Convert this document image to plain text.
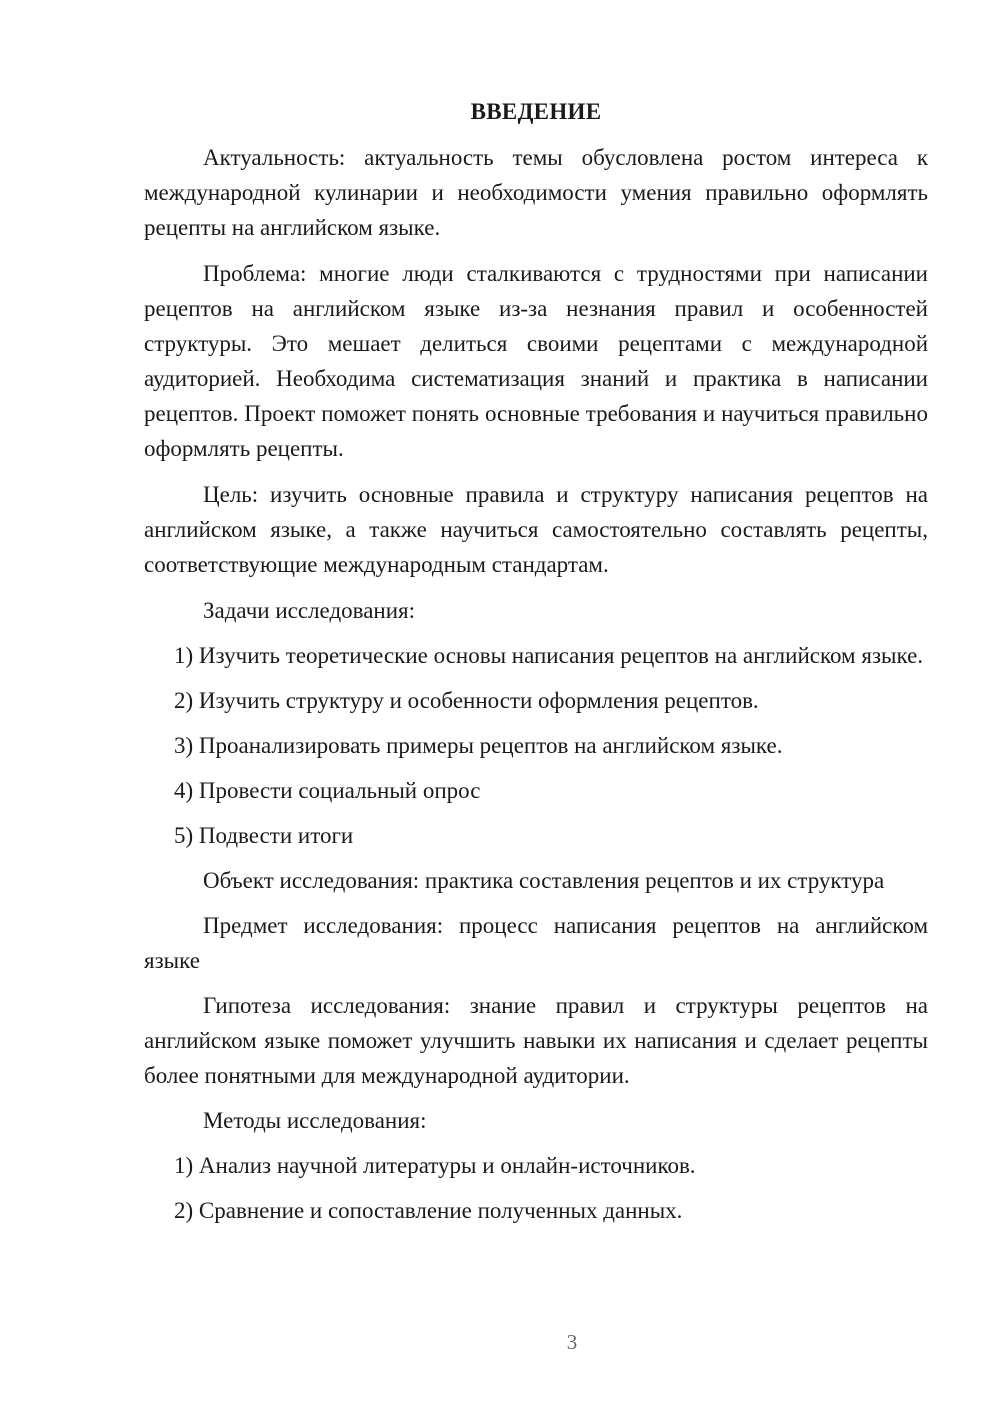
ВВЕДЕНИЕ

Актуальность: актуальность темы обусловлена ростом интереса к международной кулинарии и необходимости умения правильно оформлять рецепты на английском языке.

Проблема: многие люди сталкиваются с трудностями при написании рецептов на английском языке из-за незнания правил и особенностей структуры. Это мешает делиться своими рецептами с международной аудиторией. Необходима систематизация знаний и практика в написании рецептов. Проект поможет понять основные требования и научиться правильно оформлять рецепты.

Цель: изучить основные правила и структуру написания рецептов на английском языке, а также научиться самостоятельно составлять рецепты, соответствующие международным стандартам.

Задачи исследования:

1) Изучить теоретические основы написания рецептов на английском языке.

2) Изучить структуру и особенности оформления рецептов.

3) Проанализировать примеры рецептов на английском языке.

4) Провести социальный опрос

5) Подвести итоги

Объект исследования: практика составления рецептов и их структура

Предмет исследования: процесс написания рецептов на английском языке

Гипотеза исследования: знание правил и структуры рецептов на английском языке поможет улучшить навыки их написания и сделает рецепты более понятными для международной аудитории.

Методы исследования:

1) Анализ научной литературы и онлайн-источников.

2) Сравнение и сопоставление полученных данных.

3
